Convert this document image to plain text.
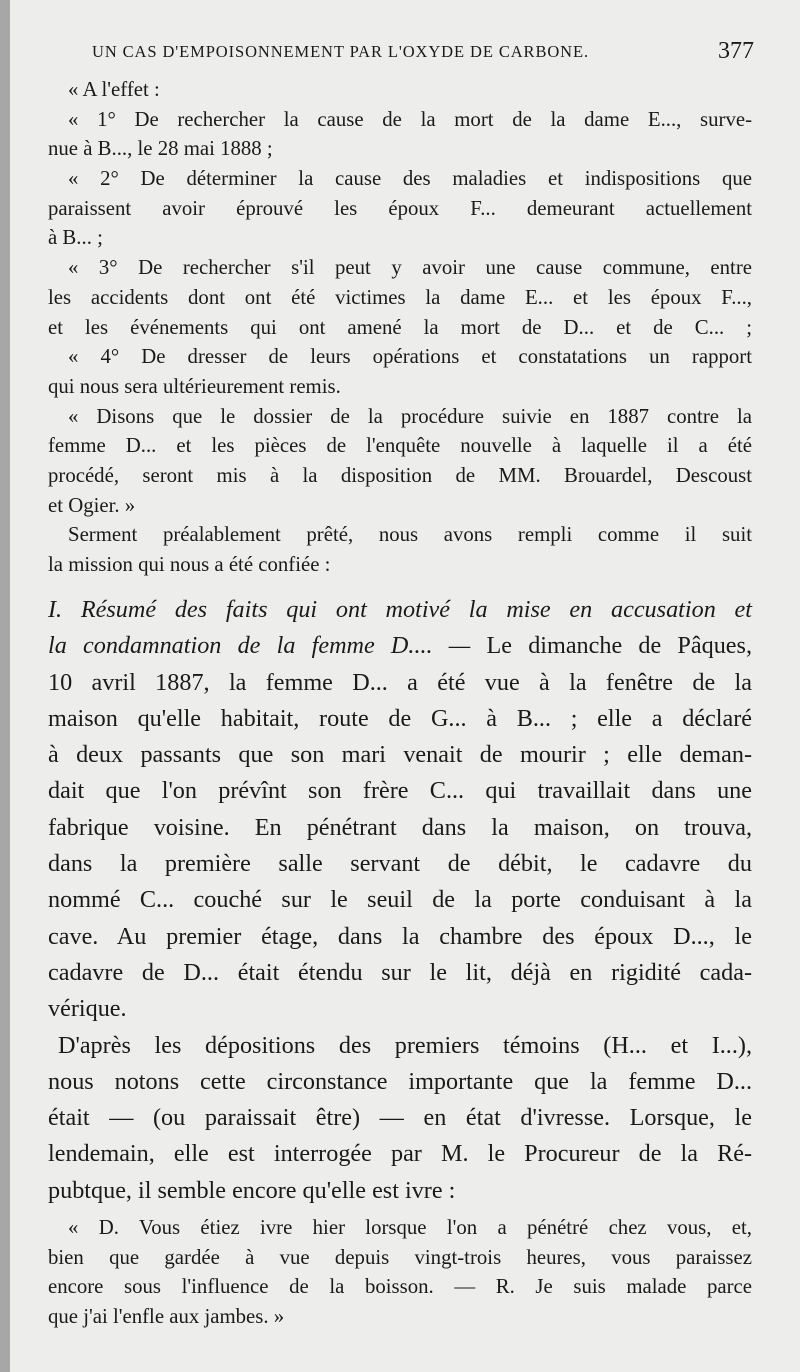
UN CAS D'EMPOISONNEMENT PAR L'OXYDE DE CARBONE.	377
« A l'effet :
« 1° De rechercher la cause de la mort de la dame E..., surve-
nue à B..., le 28 mai 1888 ;
« 2° De déterminer la cause des maladies et indispositions que
paraissent avoir éprouvé les époux F... demeurant actuellement
à B... ;
« 3° De rechercher s'il peut y avoir une cause commune, entre
les accidents dont ont été victimes la dame E... et les époux F...,
et les événements qui ont amené la mort de D... et de C... ;
« 4° De dresser de leurs opérations et constatations un rapport
qui nous sera ultérieurement remis.
« Disons que le dossier de la procédure suivie en 1887 contre la
femme D... et les pièces de l'enquête nouvelle à laquelle il a été
procédé, seront mis à la disposition de MM. Brouardel, Descoust
et Ogier. »
Serment préalablement prêté, nous avons rempli comme il suit
la mission qui nous a été confiée :
I. Résumé des faits qui ont motivé la mise en accusation et
la condamnation de la femme D.... — Le dimanche de Pâques,
10 avril 1887, la femme D... a été vue à la fenêtre de la
maison qu'elle habitait, route de G... à B... ; elle a déclaré
à deux passants que son mari venait de mourir ; elle deman-
dait que l'on prévînt son frère C... qui travaillait dans une
fabrique voisine. En pénétrant dans la maison, on trouva,
dans la première salle servant de débit, le cadavre du
nommé C... couché sur le seuil de la porte conduisant à la
cave. Au premier étage, dans la chambre des époux D..., le
cadavre de D... était étendu sur le lit, déjà en rigidité cada-
vérique.
D'après les dépositions des premiers témoins (H... et I...),
nous notons cette circonstance importante que la femme D...
était — (ou paraissait être) — en état d'ivresse. Lorsque, le
lendemain, elle est interrogée par M. le Procureur de la Ré-
pubtque, il semble encore qu'elle est ivre :
« D. Vous étiez ivre hier lorsque l'on a pénétré chez vous, et,
bien que gardée à vue depuis vingt-trois heures, vous paraissez
encore sous l'influence de la boisson. — R. Je suis malade parce
que j'ai l'enfle aux jambes. »
